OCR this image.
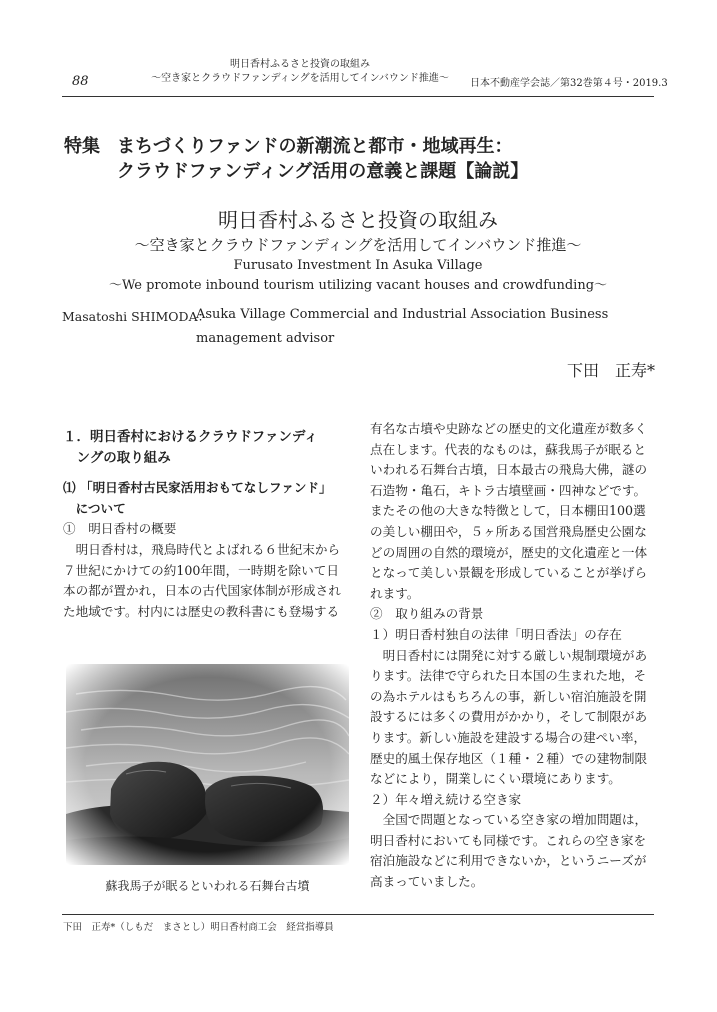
88
明日香村ふるさと投資の取組み
〜空き家とクラウドファンディングを活用してインバウンド推進〜 日本不動産学会誌／第32巻第４号・2019.3
特集 まちづくりファンドの新潮流と都市・地域再生：
クラウドファンディング活用の意義と課題【論説】
明日香村ふるさと投資の取組み
〜空き家とクラウドファンディングを活用してインバウンド推進〜
Furusato Investment In Asuka Village
〜We promote inbound tourism utilizing vacant houses and crowdfunding〜
Masatoshi SHIMODA：
Asuka Village Commercial and Industrial Association Business
management advisor
下田　正寿*
１．明日香村におけるクラウドファンディ
　ングの取り組み
⑴ 「明日香村古民家活用おもてなしファンド」
　について
①　明日香村の概要
　明日香村は，飛鳥時代とよばれる６世紀末から
７世紀にかけての約100年間，一時期を除いて日
本の都が置かれ，日本の古代国家体制が形成され
た地域です。村内には歴史の教科書にも登場する
蘇我馬子が眠るといわれる石舞台古墳
有名な古墳や史跡などの歴史的文化遺産が数多く
点在します。代表的なものは，蘇我馬子が眠ると
いわれる石舞台古墳，日本最古の飛鳥大佛，謎の
石造物・亀石，キトラ古墳壁画・四神などです。
またその他の大きな特徴として，日本棚田100選
の美しい棚田や，５ヶ所ある国営飛鳥歴史公園な
どの周囲の自然的環境が，歴史的文化遺産と一体
となって美しい景観を形成していることが挙げら
れます。
②　取り組みの背景
１）明日香村独自の法律「明日香法」の存在
　明日香村には開発に対する厳しい規制環境があ
ります。法律で守られた日本国の生まれた地，そ
の為ホテルはもちろんの事，新しい宿泊施設を開
設するには多くの費用がかかり，そして制限があ
ります。新しい施設を建設する場合の建ぺい率，
歴史的風土保存地区（１種・２種）での建物制限
などにより，開業しにくい環境にあります。
２）年々増え続ける空き家
　全国で問題となっている空き家の増加問題は，
明日香村においても同様です。これらの空き家を
宿泊施設などに利用できないか，というニーズが
高まっていました。
下田　正寿*（しもだ　まさとし）明日香村商工会　経営指導員
